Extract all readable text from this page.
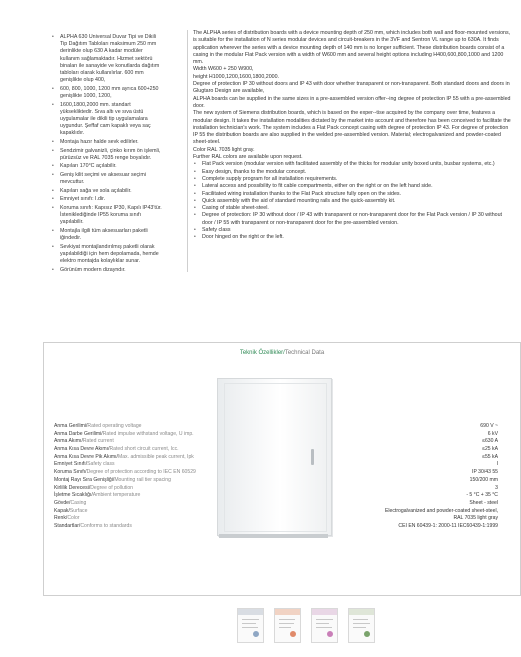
• ALPHA 630 Universal Duvar Tipi ve Dikili Tip Dağıtım Tabloları maksimum 250 mm derinlikte olup 630 A kadar modüler kullanım sağlamaktadır. Hizmet sektörü binaları ile sanayide ve konutlarda dağıtım tabloları olarak kullanılırlar. 600 mm genişlikte olup 400,
• 600, 800, 1000, 1200 mm ayrıca 600+250 genişlikte 1000, 1200,
• 1600,1800,2000 mm. standart yüksekliktedir. Sıva altı ve sıva üstü uygulamalar ile dikili tip uygulamalara uygundur. Şeffaf cam kapaklı veya saç kapaklıdır.
• Montaja hazır halde sevk edilirler.
• Sendzimir galvanizli, çinko kırım ön işlemli, pürüzsüz ve RAL 7035 renge boyalıdır.
• Kapıları 170°C açılabilir.
• Geniş kilit seçimi ve aksesuar seçimi mevcuttur.
• Kapıları sağa ve sola açılabilir.
• Emniyet sınıfı: I.dir.
• Koruma sınıfı: Kapısız IP30, Kapılı IP43'tür. İsteniklediğinde IP55 koruma sınıfı yapılabilir.
• Montajla ilgili tüm aksesuarları paketli iğindedir.
• Sevkiyat montajlandırılmış paketli olarak yapılabildiği için hem depolamada, hemde elektro montajda kolaylıklar sunar.
• Görünüm modern dizayndır.

The ALPHA series of distribution boards with a device mounting depth of 250 mm, which includes both wall and floor-mounted versions, is suitable for the installation of N series modular devices and circuit-breakers in the 3VF and Sentron VL range up to 630A. It finds application wherever the series with a device mounting depth of 140 mm is no longer sufficient. These distribution boards consist of a casing in the modular Flat Pack version with a width of W600 mm and several height options including H400,600,800,1000 and 1200 mm.

Width W600 + 250 W900,

height H1000,1200,1600,1800,2000.

Degree of protection IP 30 without doors and IP 43 with door whether transparent or non-transparent. Both standard doors and doors in Glugtaro Design are available,

ALPHA boards can be supplied in the same sizes in a pre-assembled version offer--ing degree of protection IP 55 with a pre-assembled door.

The new system of Siemens distribution boards, which is based on the exper--tise acquired by the company over time, features a modular design. It takes the installation modalities dictated by the market into account and therefore has been conceived to facilitate the installation technician's work. The system includes a Flat Pack concept casing with degree of protection IP 43. For degree of protection IP 55 the distribution boards are also supplied in the welded pre-assembled version. Material; electrogalvanized and powder-coated sheet-steel.

Color RAL 7035 light gray.

Further RAL colors are available upon request.

• Flat Pack version (modular version with facilitated assembly of the thicks for modular unity boxed units, busbar systems, etc.)
• Easy design, thanks to the modular concept.
• Complete supply program for all installation requirements.
• Lateral access and possibility to fit cable compartments, either on the right or on the left hand side.
• Facilitated wiring installation thanks to the Flat Pack structure fully open on the sides.
• Quick assembly with the aid of standard mounting rails and the quick-assembly kit.
• Casing of stable sheet-steel.
• Degree of protection: IP 30 without door / IP 43 with transparent or non-transparent door for the Flat Pack version / IP 30 without door / IP 55 with transparent or non-transparent door for the pre-assembled version.
• Safety class
• Door hinged on the right or the left.
Teknik Özellikler/Technical Data
Anma Gerilimi/Rated operating voltage
Anma Darbe Gerilimi/Rated impulse withstand voltage, U imp.
Anma Akımı/Rated current
Anma Kısa Devre Akımı/Rated short circuit current, Icc.
Anma Kısa Devre Pik Akımı/Max. admissible peak current, Ipk
Emniyet Sınıfı/Safety class
Koruma Sınıfı/Degree of protection according to IEC EN 60529
Montaj Rayı Sıra Genişliği/Mounting rail tier spacing
Kirlilik Derecesi/Degree of pollution
İşletme Sıcaklığı/Ambient temperature
Gövde/Casing
Kapak/Surface
Renk/Color
Standartlar/Conforms to standards
690 V ~
6 kV
≤630 A
≤25 kA
≤55 kA
I
IP 30/43 55
150/200 mm
3
- 5 °C + 35 °C
Sheet - steel
Electrogalvanized and powder-coated sheet-steel,
RAL 7035 light gray
CEI EN 60439-1: 2000-11 IEC60439-1:1999
